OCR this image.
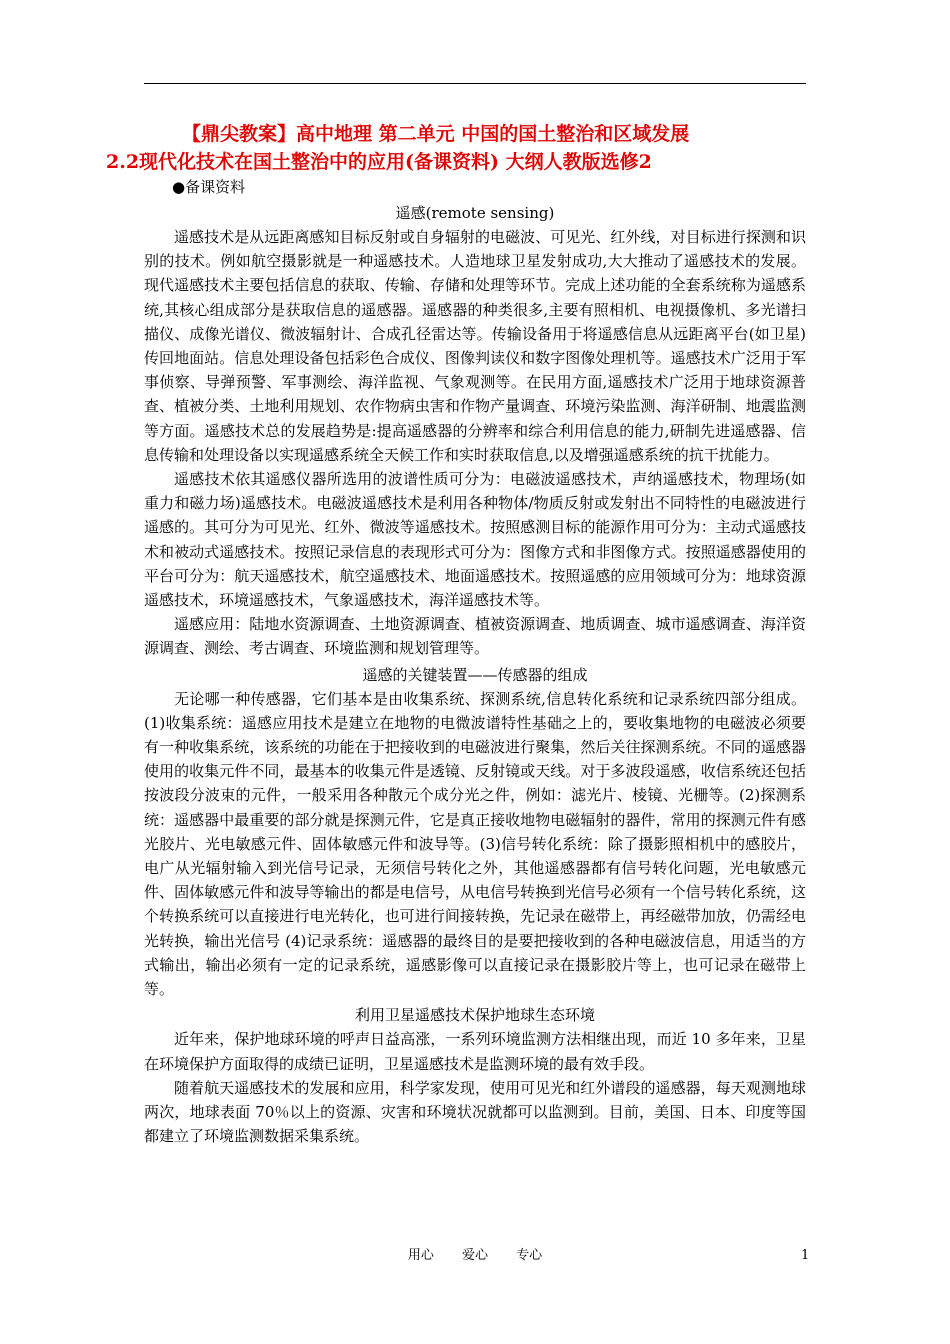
【鼎尖教案】高中地理 第二单元 中国的国土整治和区域发展
2.2现代化技术在国土整治中的应用(备课资料) 大纲人教版选修2

●备课资料

遥感(remote sensing)

遥感技术是从远距离感知目标反射或自身辐射的电磁波、可见光、红外线，对目标进行探测和识别的技术。例如航空摄影就是一种遥感技术。人造地球卫星发射成功,大大推动了遥感技术的发展。现代遥感技术主要包括信息的获取、传输、存储和处理等环节。完成上述功能的全套系统称为遥感系统,其核心组成部分是获取信息的遥感器。遥感器的种类很多,主要有照相机、电视摄像机、多光谱扫描仪、成像光谱仪、微波辐射计、合成孔径雷达等。传输设备用于将遥感信息从远距离平台(如卫星)传回地面站。信息处理设备包括彩色合成仪、图像判读仪和数字图像处理机等。遥感技术广泛用于军事侦察、导弹预警、军事测绘、海洋监视、气象观测等。在民用方面,遥感技术广泛用于地球资源普查、植被分类、土地利用规划、农作物病虫害和作物产量调查、环境污染监测、海洋研制、地震监测等方面。遥感技术总的发展趋势是:提高遥感器的分辨率和综合利用信息的能力,研制先进遥感器、信息传输和处理设备以实现遥感系统全天候工作和实时获取信息,以及增强遥感系统的抗干扰能力。

遥感技术依其遥感仪器所选用的波谱性质可分为：电磁波遥感技术，声纳遥感技术，物理场(如重力和磁力场)遥感技术。电磁波遥感技术是利用各种物体/物质反射或发射出不同特性的电磁波进行遥感的。其可分为可见光、红外、微波等遥感技术。按照感测目标的能源作用可分为：主动式遥感技术和被动式遥感技术。按照记录信息的表现形式可分为：图像方式和非图像方式。按照遥感器使用的平台可分为：航天遥感技术，航空遥感技术、地面遥感技术。按照遥感的应用领域可分为：地球资源遥感技术，环境遥感技术，气象遥感技术，海洋遥感技术等。

遥感应用：陆地水资源调查、土地资源调查、植被资源调查、地质调查、城市遥感调查、海洋资源调查、测绘、考古调查、环境监测和规划管理等。

遥感的关键装置——传感器的组成

无论哪一种传感器，它们基本是由收集系统、探测系统,信息转化系统和记录系统四部分组成。(1)收集系统：遥感应用技术是建立在地物的电微波谱特性基础之上的，要收集地物的电磁波必须要有一种收集系统，该系统的功能在于把接收到的电磁波进行聚集，然后关往探测系统。不同的遥感器使用的收集元件不同，最基本的收集元件是透镜、反射镜或天线。对于多波段遥感，收信系统还包括按波段分波束的元件，一般采用各种散元个成分光之件，例如：滤光片、棱镜、光栅等。(2)探测系统：遥感器中最重要的部分就是探测元件，它是真正接收地物电磁辐射的器件，常用的探测元件有感光胶片、光电敏感元件、固体敏感元件和波导等。(3)信号转化系统：除了摄影照相机中的感胶片，电广从光辐射输入到光信号记录，无须信号转化之外，其他遥感器都有信号转化问题，光电敏感元件、固体敏感元件和波导等输出的都是电信号，从电信号转换到光信号必须有一个信号转化系统，这个转换系统可以直接进行电光转化，也可进行间接转换，先记录在磁带上，再经磁带加放，仍需经电光转换，输出光信号 (4)记录系统：遥感器的最终目的是要把接收到的各种电磁波信息，用适当的方式输出，输出必须有一定的记录系统，遥感影像可以直接记录在摄影胶片等上，也可记录在磁带上等。

利用卫星遥感技术保护地球生态环境

近年来，保护地球环境的呼声日益高涨，一系列环境监测方法相继出现，而近 10 多年来，卫星在环境保护方面取得的成绩已证明，卫星遥感技术是监测环境的最有效手段。

随着航天遥感技术的发展和应用，科学家发现，使用可见光和红外谱段的遥感器，每天观测地球两次，地球表面 70％以上的资源、灾害和环境状况就都可以监测到。目前，美国、日本、印度等国都建立了环境监测数据采集系统。

用心 爱心 专心	1
